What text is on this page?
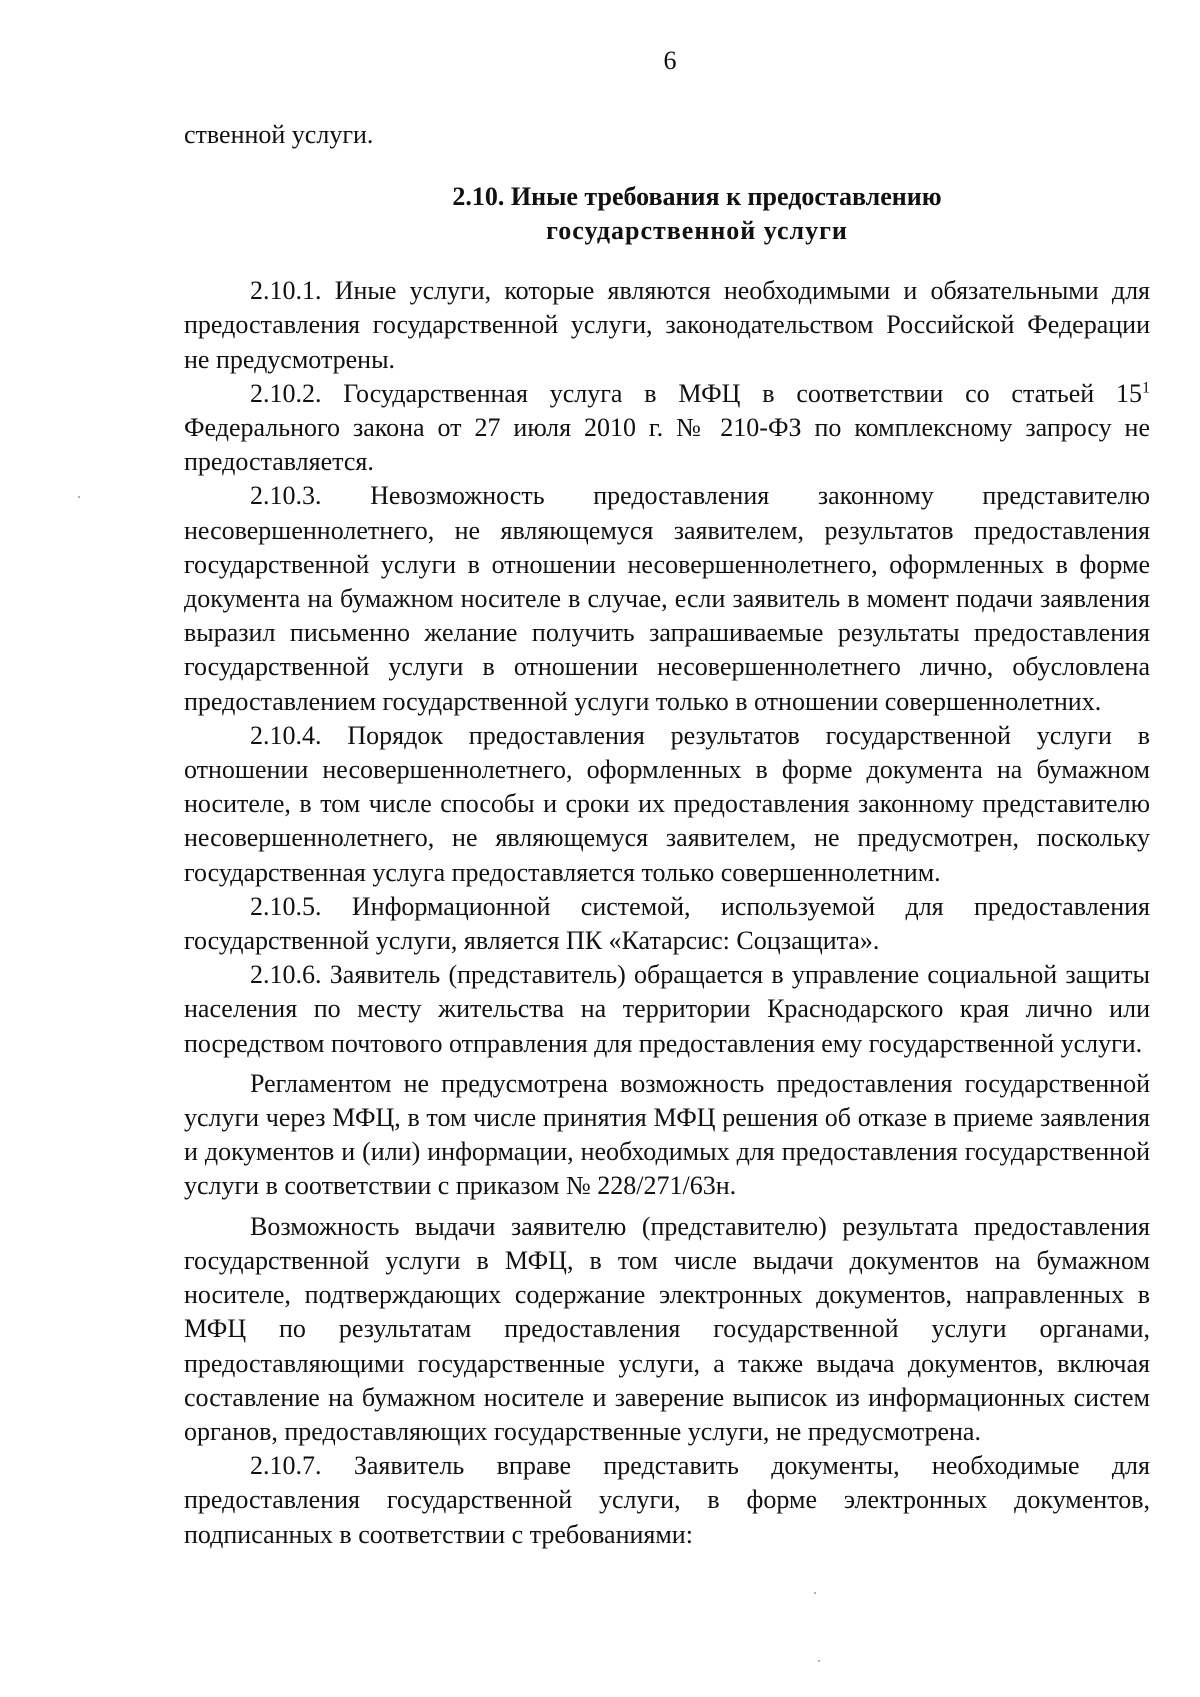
6

ственной услуги.

2.10. Иные требования к предоставлению
государственной услуги

2.10.1. Иные услуги, которые являются необходимыми и обязательными для предоставления государственной услуги, законодательством Российской Федерации не предусмотрены.

2.10.2. Государственная услуга в МФЦ в соответствии со статьей $15^1$ Федерального закона от 27 июля 2010 г. № 210-ФЗ по комплексному запросу не предоставляется.

2.10.3. Невозможность предоставления законному представителю несовершеннолетнего, не являющемуся заявителем, результатов предоставления государственной услуги в отношении несовершеннолетнего, оформленных в форме документа на бумажном носителе в случае, если заявитель в момент подачи заявления выразил письменно желание получить запрашиваемые результаты предоставления государственной услуги в отношении несовершеннолетнего лично, обусловлена предоставлением государственной услуги только в отношении совершеннолетних.

2.10.4. Порядок предоставления результатов государственной услуги в отношении несовершеннолетнего, оформленных в форме документа на бумажном носителе, в том числе способы и сроки их предоставления законному представителю несовершеннолетнего, не являющемуся заявителем, не предусмотрен, поскольку государственная услуга предоставляется только совершеннолетним.

2.10.5. Информационной системой, используемой для предоставления государственной услуги, является ПК «Катарсис: Соцзащита».

2.10.6. Заявитель (представитель) обращается в управление социальной защиты населения по месту жительства на территории Краснодарского края лично или посредством почтового отправления для предоставления ему государственной услуги.

Регламентом не предусмотрена возможность предоставления государственной услуги через МФЦ, в том числе принятия МФЦ решения об отказе в приеме заявления и документов и (или) информации, необходимых для предоставления государственной услуги в соответствии с приказом № 228/271/63н.

Возможность выдачи заявителю (представителю) результата предоставления государственной услуги в МФЦ, в том числе выдачи документов на бумажном носителе, подтверждающих содержание электронных документов, направленных в МФЦ по результатам предоставления государственной услуги органами, предоставляющими государственные услуги, а также выдача документов, включая составление на бумажном носителе и заверение выписок из информационных систем органов, предоставляющих государственные услуги, не предусмотрена.

2.10.7. Заявитель вправе представить документы, необходимые для предоставления государственной услуги, в форме электронных документов, подписанных в соответствии с требованиями:
